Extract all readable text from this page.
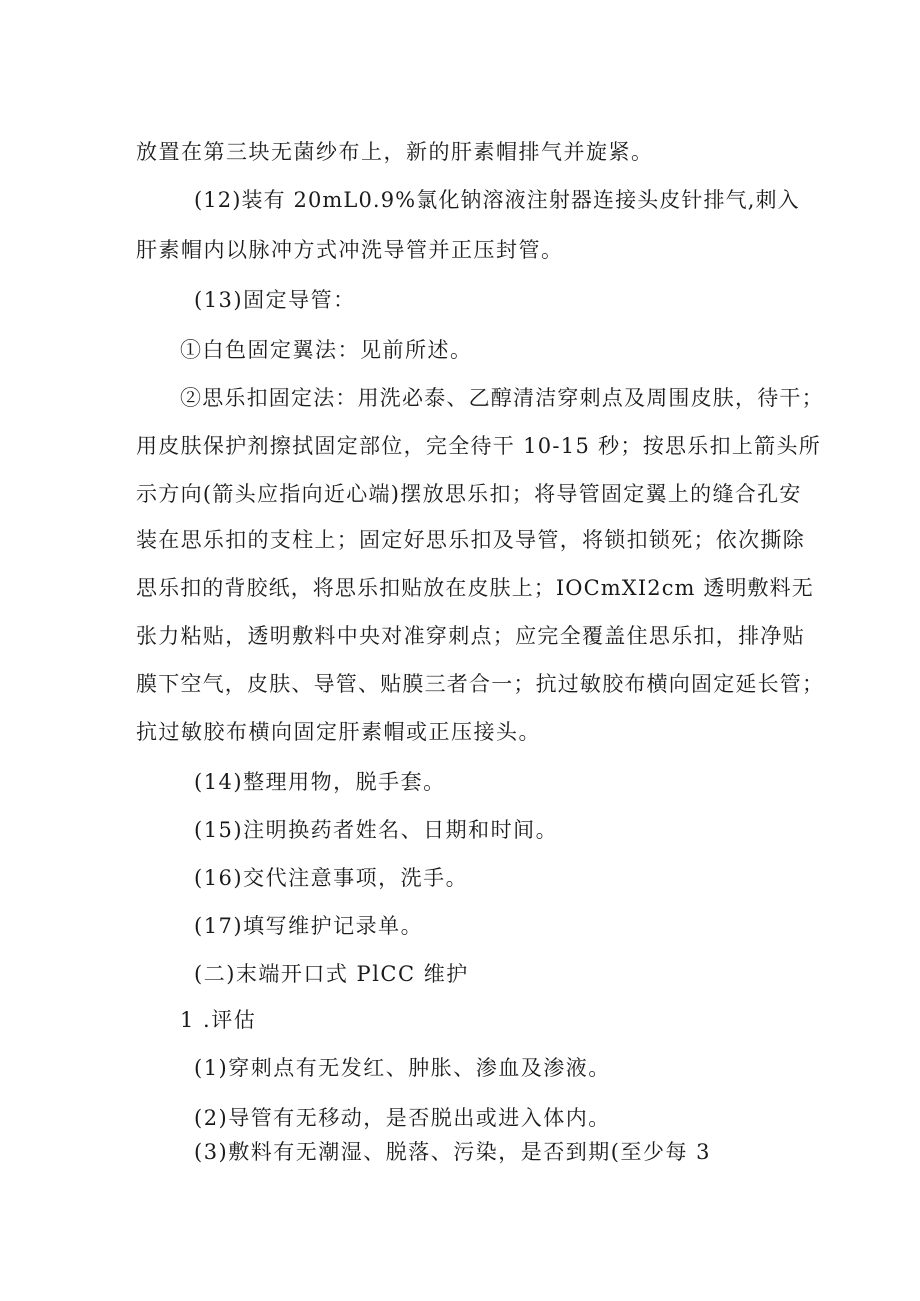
放置在第三块无菌纱布上，新的肝素帽排气并旋紧。
(12)装有 20mL0.9%氯化钠溶液注射器连接头皮针排气,刺入
肝素帽内以脉冲方式冲洗导管并正压封管。
(13)固定导管：
①白色固定翼法：见前所述。
②思乐扣固定法：用洗必泰、乙醇清洁穿刺点及周围皮肤，待干；
用皮肤保护剂擦拭固定部位，完全待干 10-15 秒；按思乐扣上箭头所
示方向(箭头应指向近心端)摆放思乐扣；将导管固定翼上的缝合孔安
装在思乐扣的支柱上；固定好思乐扣及导管，将锁扣锁死；依次撕除
思乐扣的背胶纸，将思乐扣贴放在皮肤上；IOCmXI2cm 透明敷料无
张力粘贴，透明敷料中央对准穿刺点；应完全覆盖住思乐扣，排净贴
膜下空气，皮肤、导管、贴膜三者合一；抗过敏胶布横向固定延长管；
抗过敏胶布横向固定肝素帽或正压接头。
(14)整理用物，脱手套。
(15)注明换药者姓名、日期和时间。
(16)交代注意事项，洗手。
(17)填写维护记录单。
(二)末端开口式 PlCC 维护
1 .评估
(1)穿刺点有无发红、肿胀、渗血及渗液。
(2)导管有无移动，是否脱出或进入体内。
(3)敷料有无潮湿、脱落、污染，是否到期(至少每 3
